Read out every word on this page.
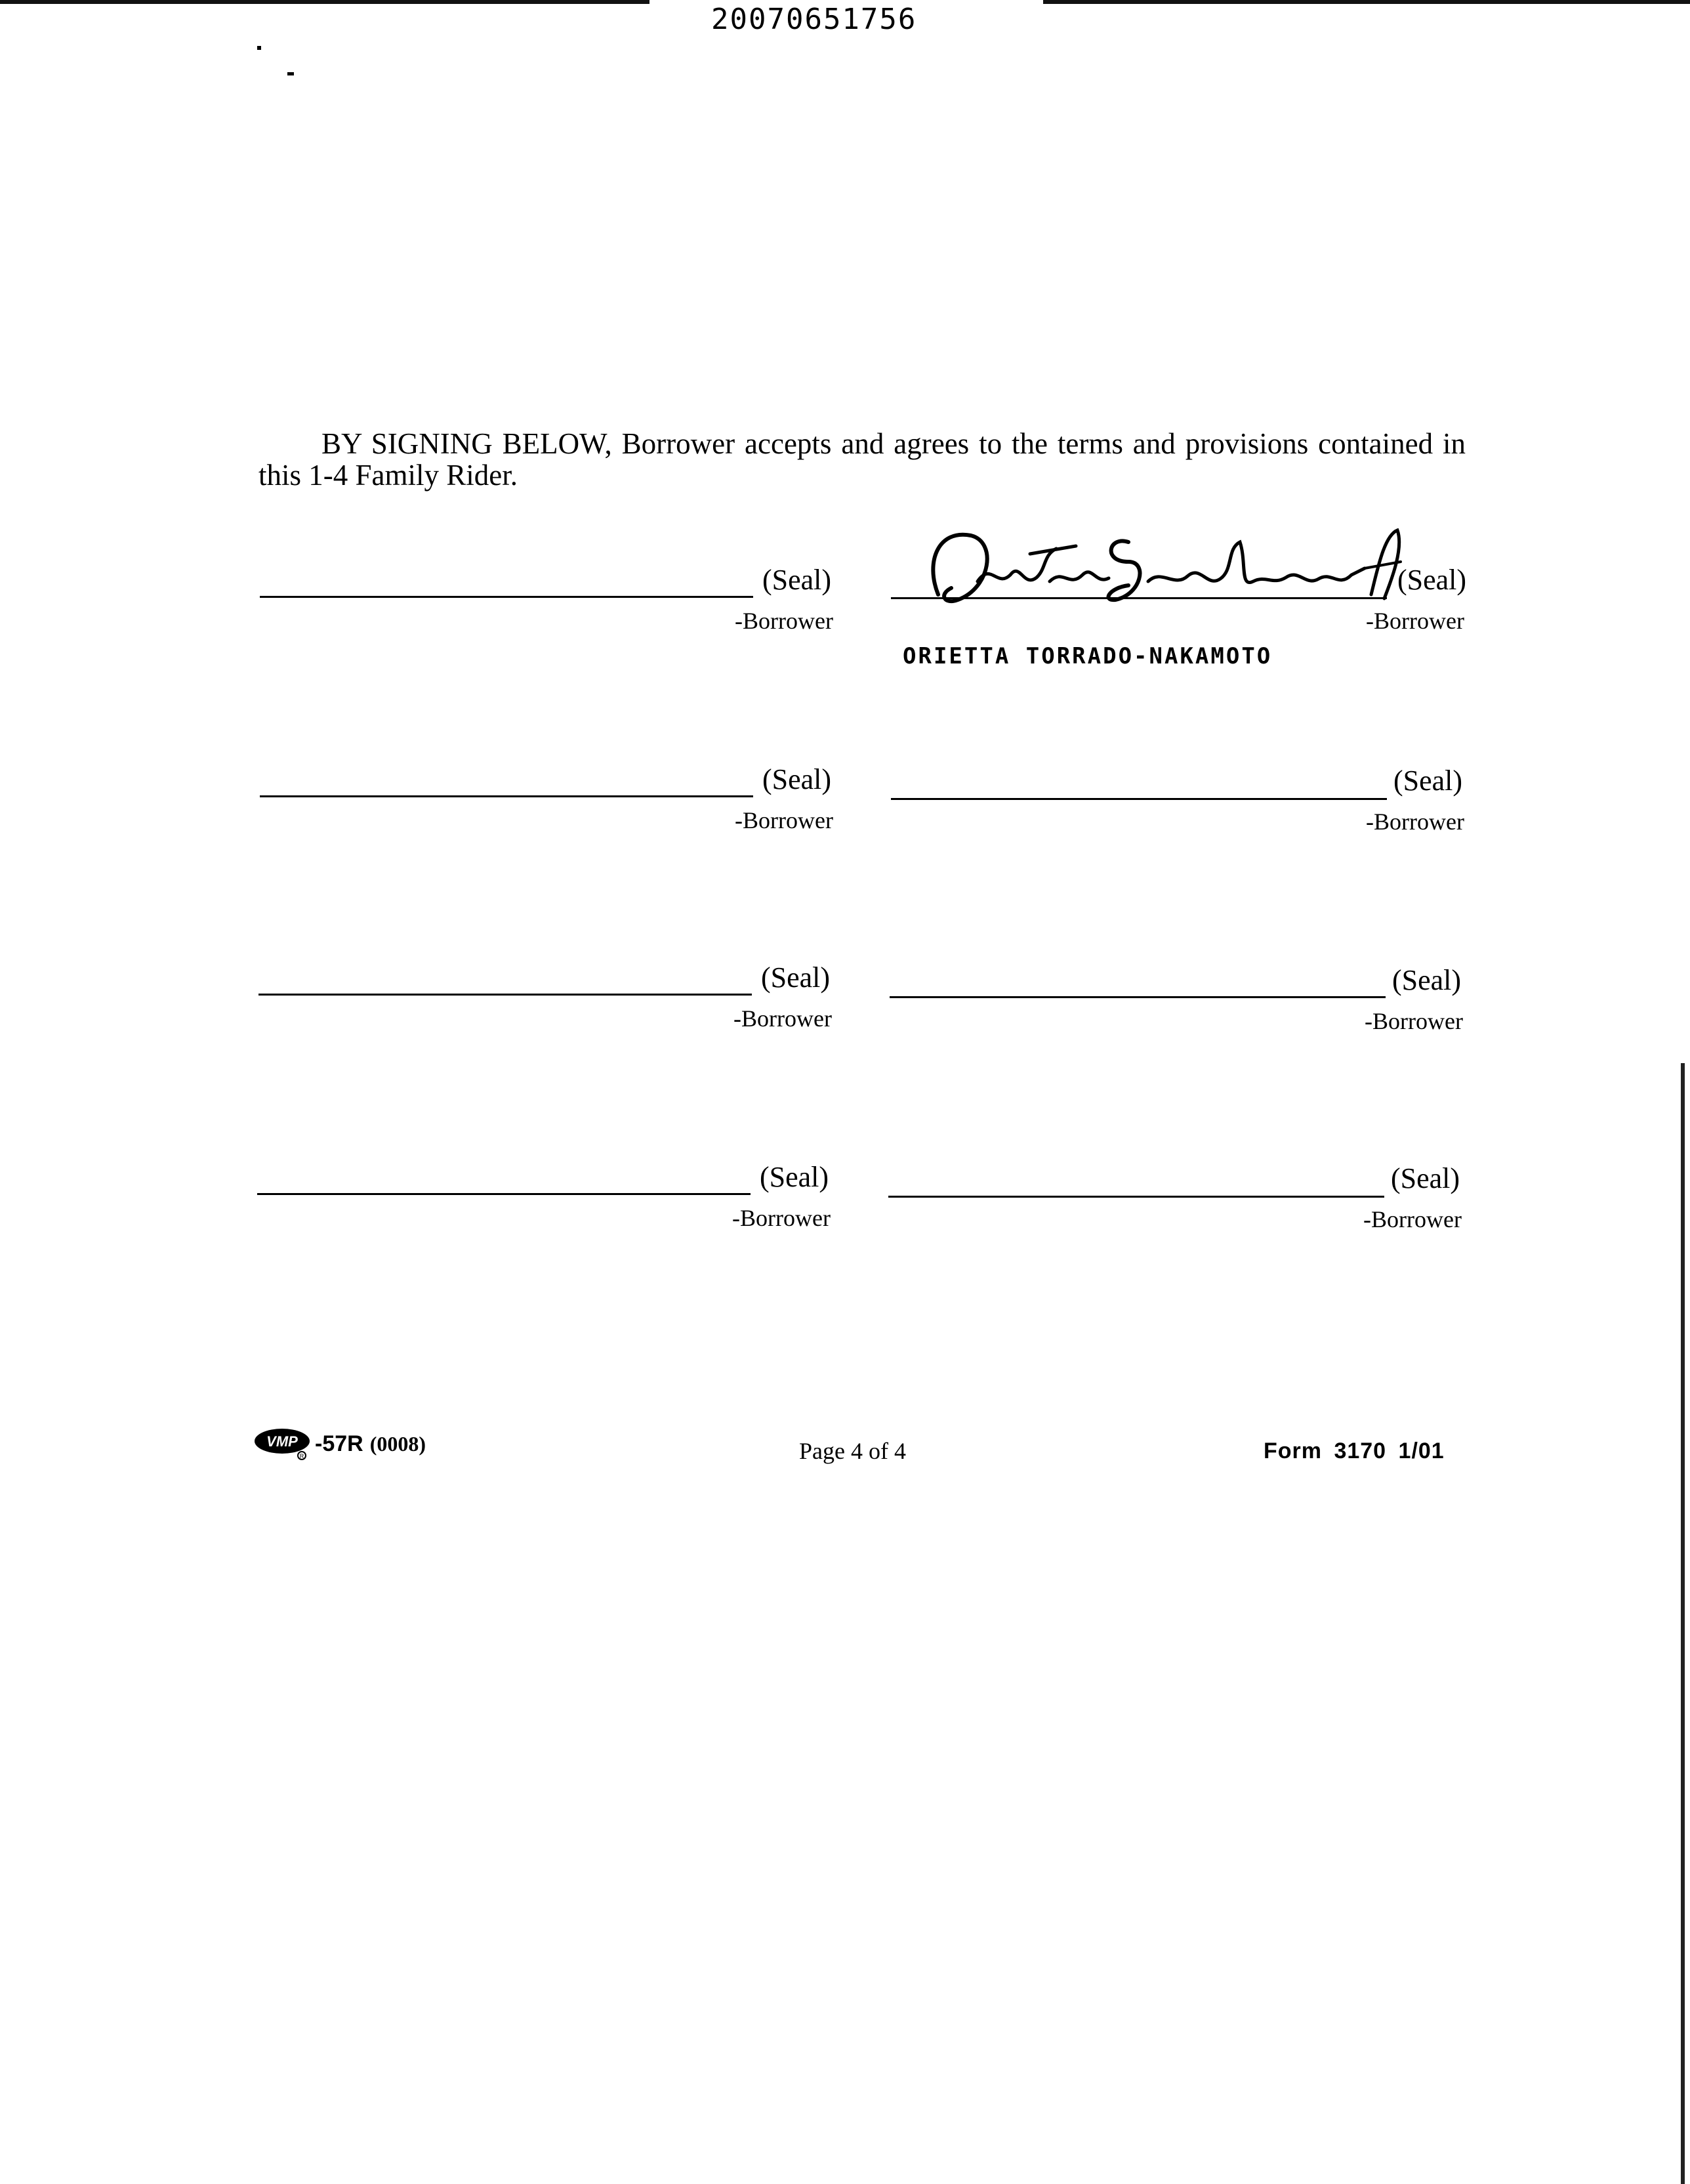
20070651756
BY SIGNING BELOW, Borrower accepts and agrees to the terms and provisions contained in this 1-4 Family Rider.
(Seal)
-Borrower
(Seal)
-Borrower
ORIETTA TORRADO-NAKAMOTO
(Seal)
-Borrower
(Seal)
-Borrower
(Seal)
-Borrower
(Seal)
-Borrower
(Seal)
-Borrower
(Seal)
-Borrower
VMP
R
-57R (0008)	Page 4 of 4	Form 3170 1/01
